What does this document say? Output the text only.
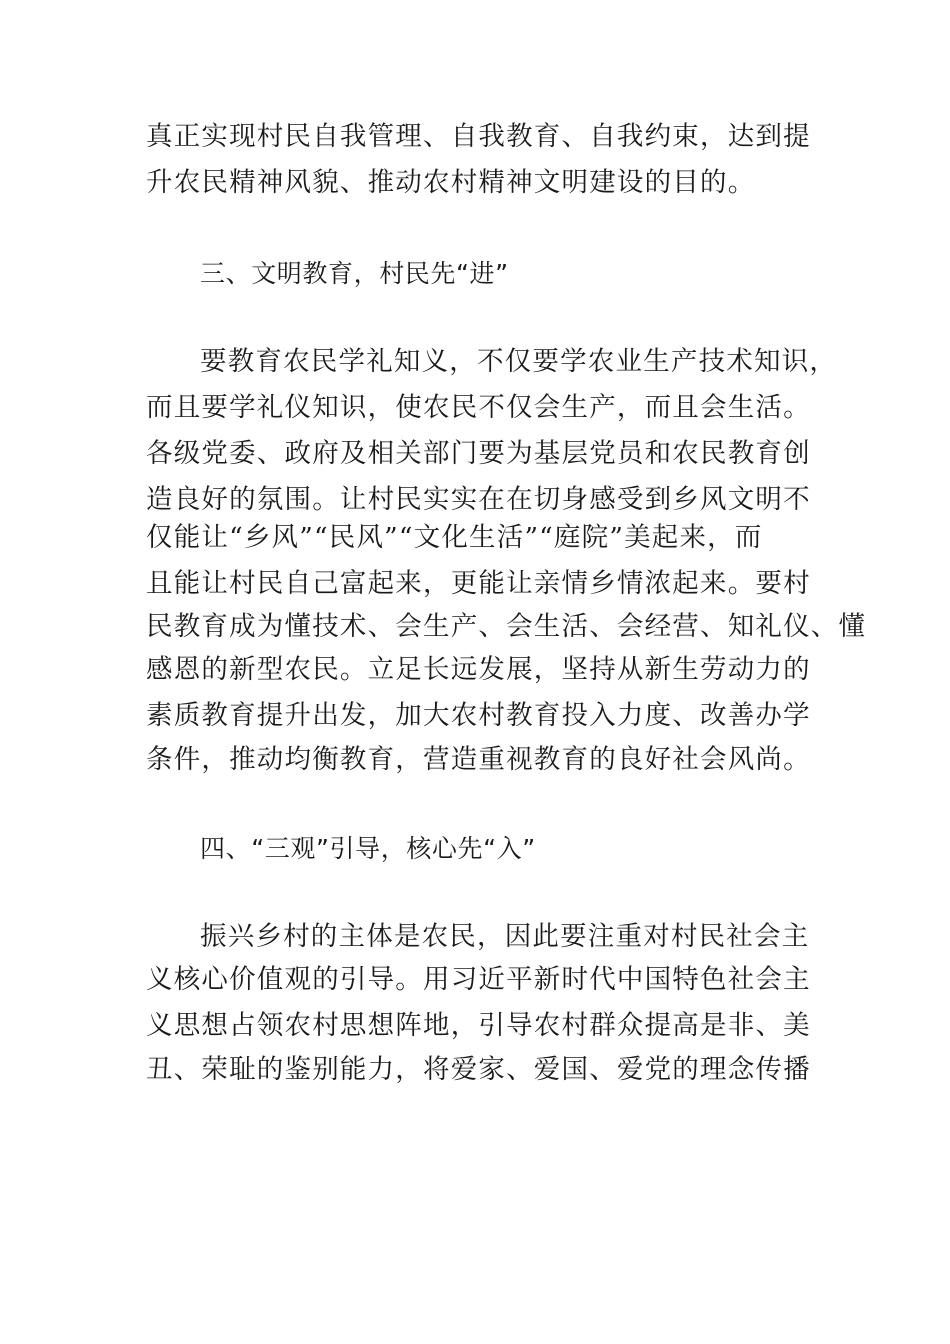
真正实现村民自我管理、自我教育、自我约束，达到提
升农民精神风貌、推动农村精神文明建设的目的。
三、文明教育，村民先“进”
要教育农民学礼知义，不仅要学农业生产技术知识，
而且要学礼仪知识，使农民不仅会生产，而且会生活。
各级党委、政府及相关部门要为基层党员和农民教育创
造良好的氛围。让村民实实在在切身感受到乡风文明不
仅能让“乡风”“民风”“文化生活”“庭院”美起来，而
且能让村民自己富起来，更能让亲情乡情浓起来。要村
民教育成为懂技术、会生产、会生活、会经营、知礼仪、懂
感恩的新型农民。立足长远发展，坚持从新生劳动力的
素质教育提升出发，加大农村教育投入力度、改善办学
条件，推动均衡教育，营造重视教育的良好社会风尚。
四、“三观”引导，核心先“入”
振兴乡村的主体是农民，因此要注重对村民社会主
义核心价值观的引导。用习近平新时代中国特色社会主
义思想占领农村思想阵地，引导农村群众提高是非、美
丑、荣耻的鉴别能力，将爱家、爱国、爱党的理念传播
